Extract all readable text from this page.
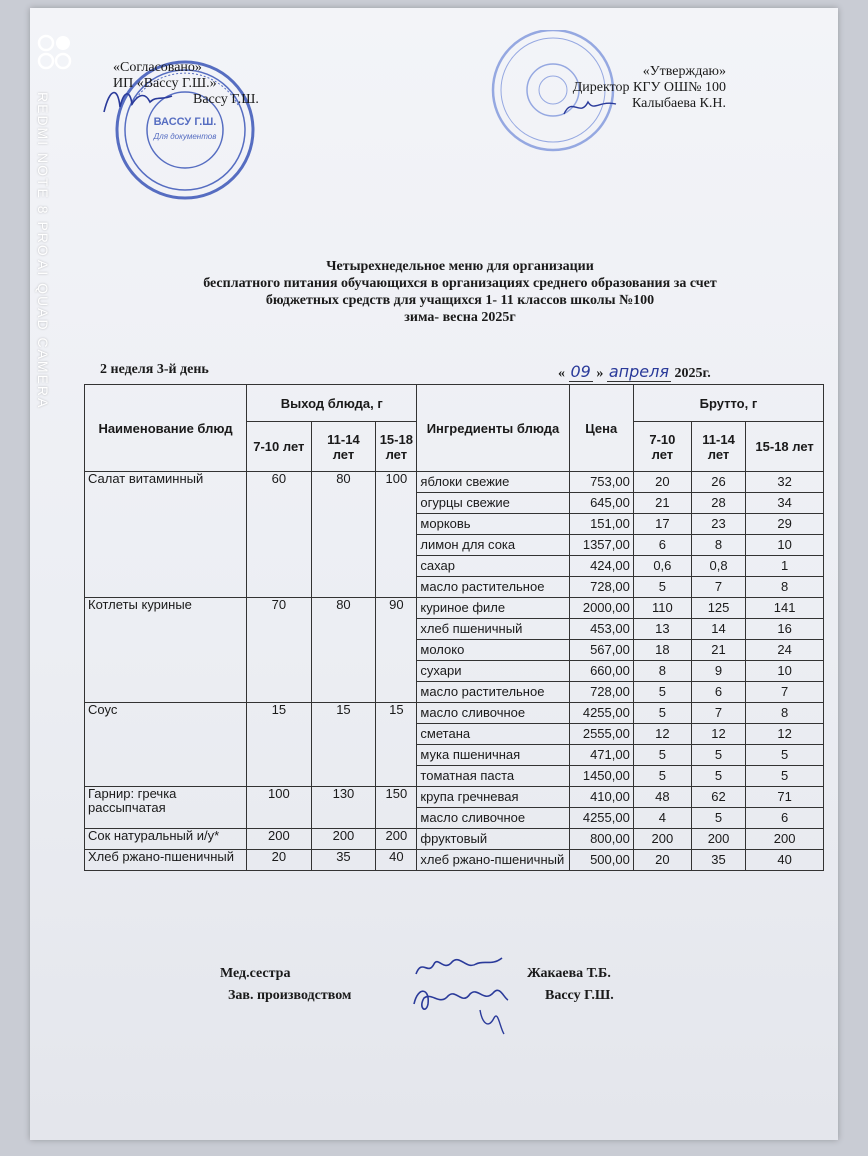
REDMI NOTE 8 PRO
AI QUAD CAMERA
ВАССУ Г.Ш.
Для документов
«Согласовано»
ИП «Вассу Г.Ш.»
Вассу Г.Ш.
«Утверждаю»
Директор КГУ ОШ№ 100
Калыбаева К.Н.
Четырехнедельное меню для организации
бесплатного питания обучающихся в организациях среднего образования за счет
бюджетных средств для учащихся 1- 11 классов школы №100
зима- весна 2025г
2 неделя 3-й день	« 09 » апреля 2025г.
Наименование блюд	Выход блюда, г			Ингредиенты блюда	Цена	Брутто, г		
	7-10 лет	11-14 лет	15-18 лет			7-10 лет	11-14 лет	15-18 лет
Салат витаминный	60	80	100	яблоки свежие	753,00	20	26	32
				огурцы свежие	645,00	21	28	34
				морковь	151,00	17	23	29
				лимон для сока	1357,00	6	8	10
				сахар	424,00	0,6	0,8	1
				масло растительное	728,00	5	7	8
Котлеты куриные	70	80	90	куриное филе	2000,00	110	125	141
				хлеб пшеничный	453,00	13	14	16
				молоко	567,00	18	21	24
				сухари	660,00	8	9	10
				масло растительное	728,00	5	6	7
Соус	15	15	15	масло сливочное	4255,00	5	7	8
				сметана	2555,00	12	12	12
				мука пшеничная	471,00	5	5	5
				томатная паста	1450,00	5	5	5
Гарнир: гречка рассыпчатая	100	130	150	крупа гречневая	410,00	48	62	71
				масло сливочное	4255,00	4	5	6
Сок натуральный и/у*	200	200	200	фруктовый	800,00	200	200	200
Хлеб ржано-пшеничный	20	35	40	хлеб ржано-пшеничный	500,00	20	35	40
Мед.сестра	Жакаева Т.Б.
Зав. производством	Вассу Г.Ш.
